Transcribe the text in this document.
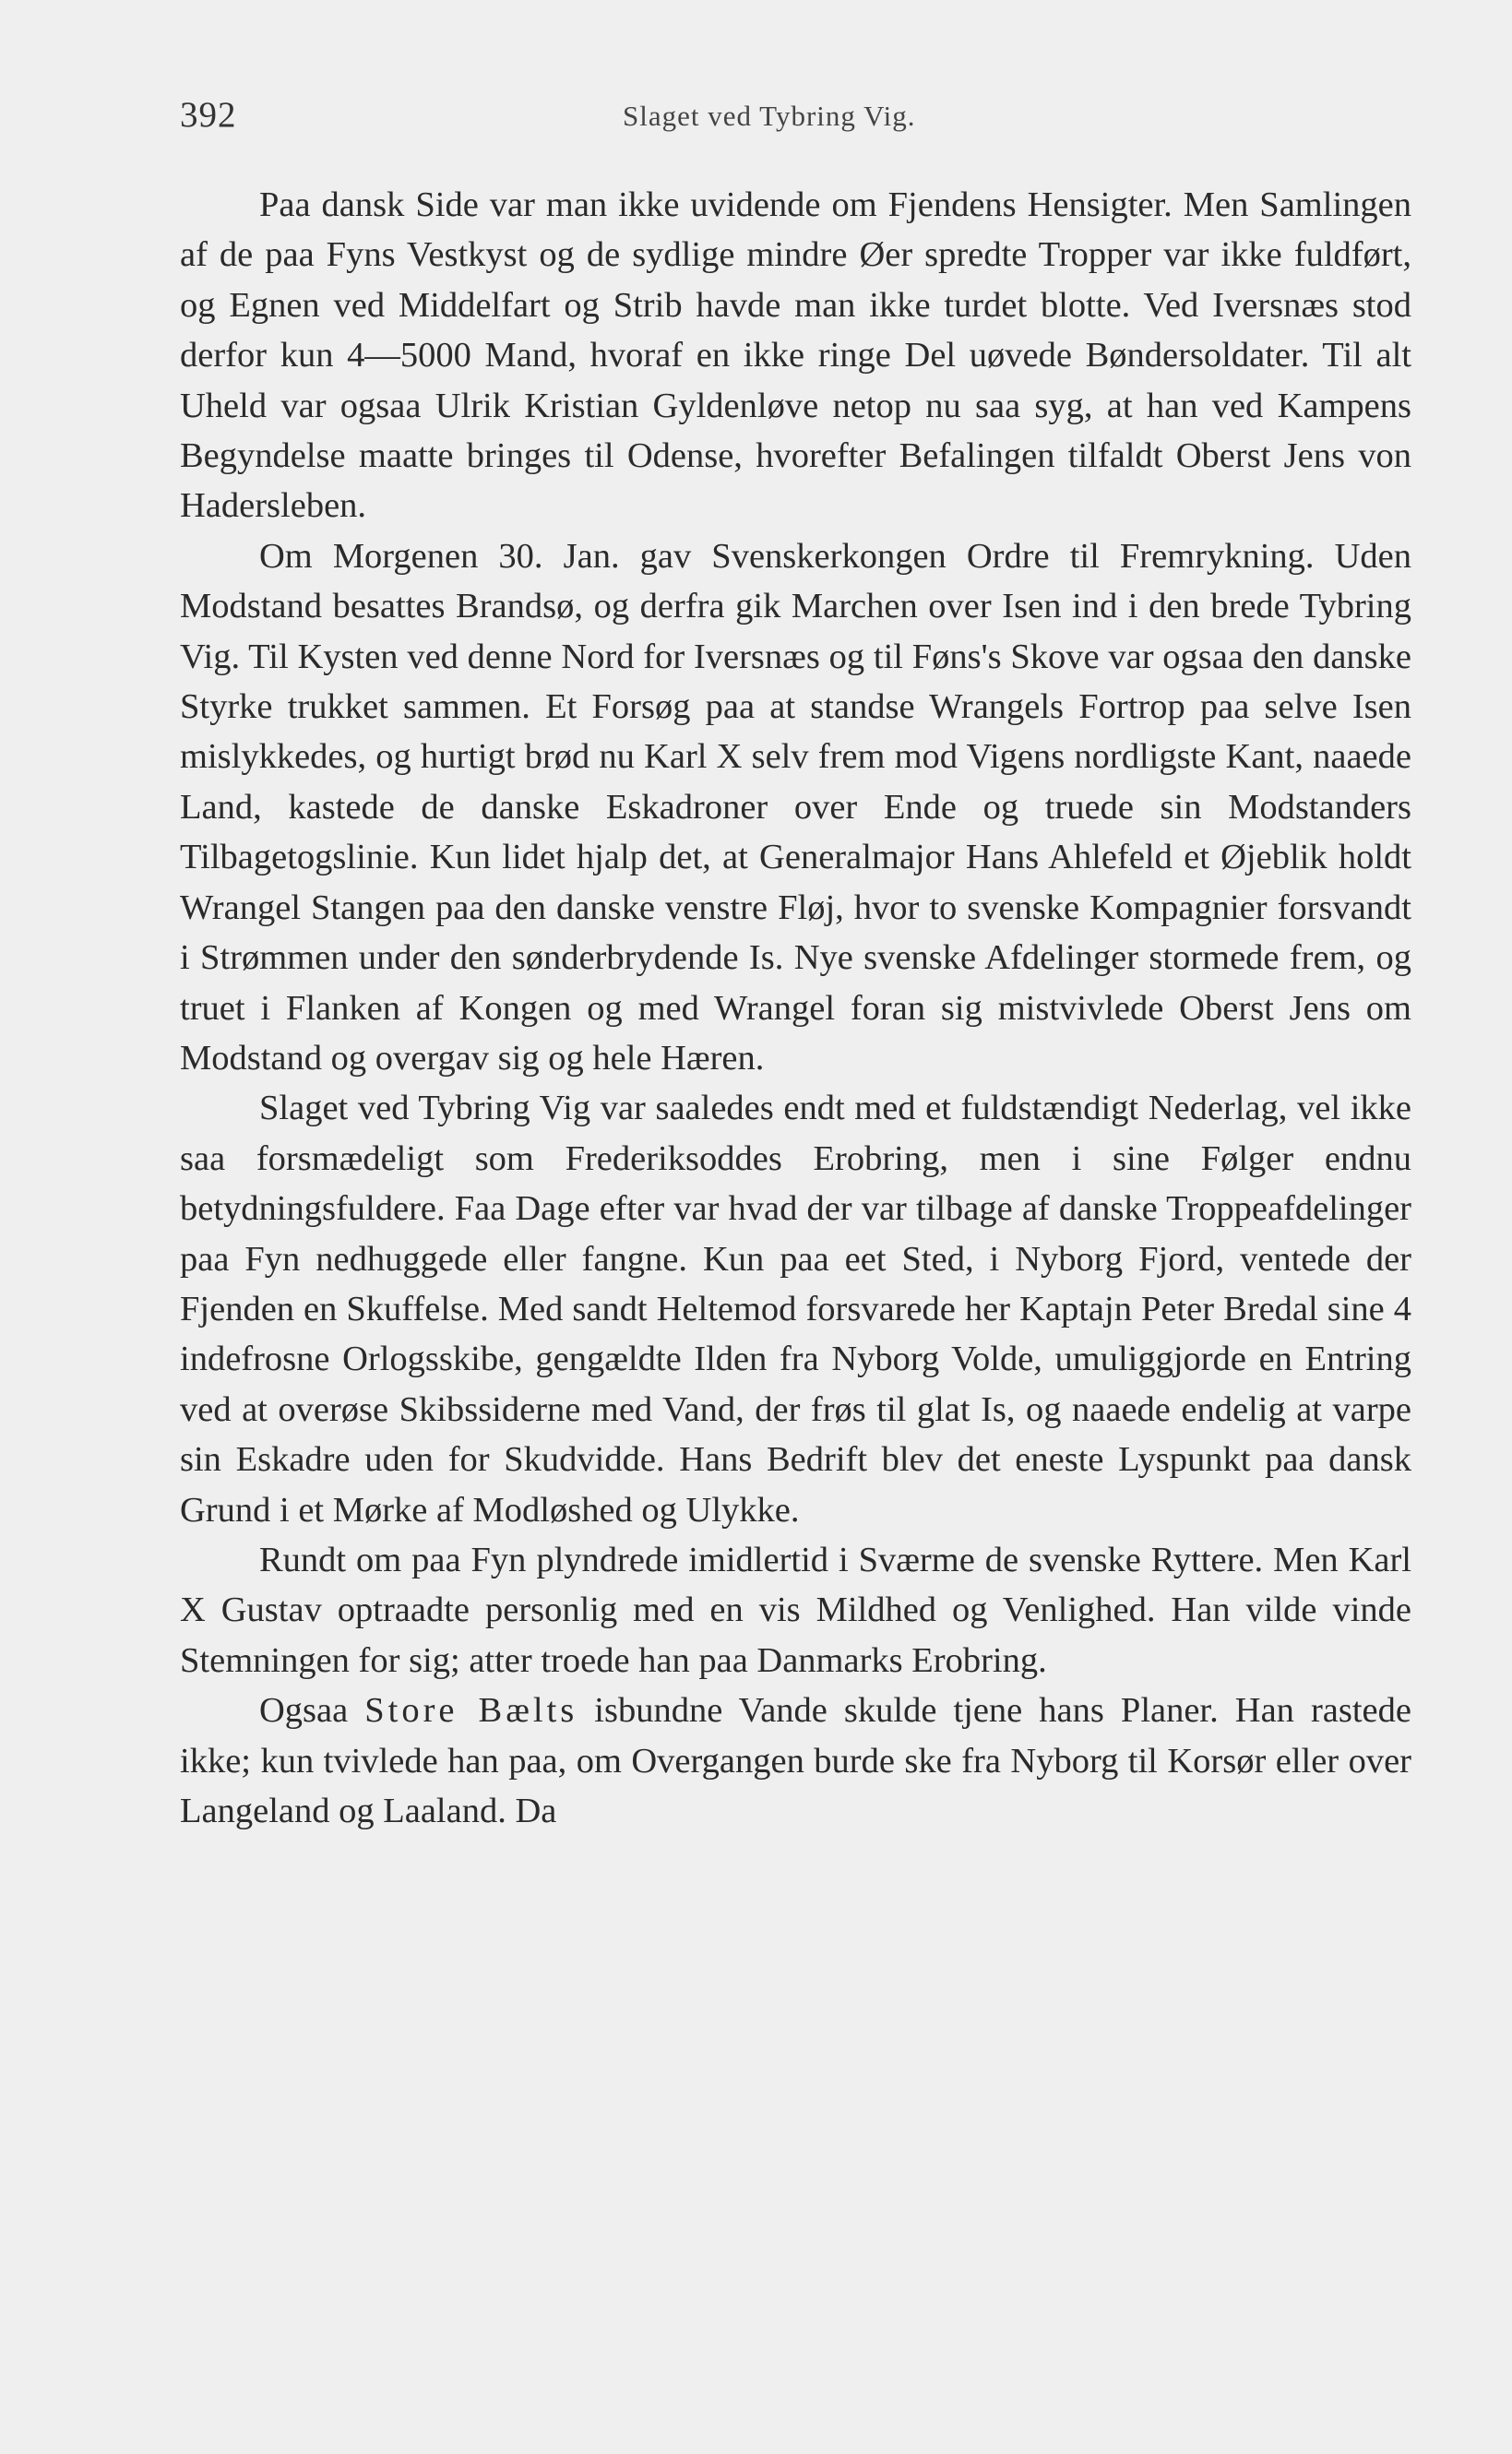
392	Slaget ved Tybring Vig.

Paa dansk Side var man ikke uvidende om Fjendens Hensigter. Men Samlingen af de paa Fyns Vestkyst og de sydlige mindre Øer spredte Tropper var ikke fuldført, og Egnen ved Middelfart og Strib havde man ikke turdet blotte. Ved Iversnæs stod derfor kun 4—5000 Mand, hvoraf en ikke ringe Del uøvede Bøndersoldater. Til alt Uheld var ogsaa Ulrik Kristian Gyldenløve netop nu saa syg, at han ved Kampens Begyndelse maatte bringes til Odense, hvorefter Befalingen tilfaldt Oberst Jens von Hadersleben.

Om Morgenen 30. Jan. gav Svenskerkongen Ordre til Fremrykning. Uden Modstand besattes Brandsø, og derfra gik Marchen over Isen ind i den brede Tybring Vig. Til Kysten ved denne Nord for Iversnæs og til Føns's Skove var ogsaa den danske Styrke trukket sammen. Et Forsøg paa at standse Wrangels Fortrop paa selve Isen mislykkedes, og hurtigt brød nu Karl X selv frem mod Vigens nordligste Kant, naaede Land, kastede de danske Eskadroner over Ende og truede sin Modstanders Tilbagetogslinie. Kun lidet hjalp det, at Generalmajor Hans Ahlefeld et Øjeblik holdt Wrangel Stangen paa den danske venstre Fløj, hvor to svenske Kompagnier forsvandt i Strømmen under den sønderbrydende Is. Nye svenske Afdelinger stormede frem, og truet i Flanken af Kongen og med Wrangel foran sig mistvivlede Oberst Jens om Modstand og overgav sig og hele Hæren.

Slaget ved Tybring Vig var saaledes endt med et fuldstændigt Nederlag, vel ikke saa forsmædeligt som Frederiksoddes Erobring, men i sine Følger endnu betydningsfuldere. Faa Dage efter var hvad der var tilbage af danske Troppeafdelinger paa Fyn nedhuggede eller fangne. Kun paa eet Sted, i Nyborg Fjord, ventede der Fjenden en Skuffelse. Med sandt Heltemod forsvarede her Kaptajn Peter Bredal sine 4 indefrosne Orlogsskibe, gengældte Ilden fra Nyborg Volde, umuliggjorde en Entring ved at overøse Skibssiderne med Vand, der frøs til glat Is, og naaede endelig at varpe sin Eskadre uden for Skudvidde. Hans Bedrift blev det eneste Lyspunkt paa dansk Grund i et Mørke af Modløshed og Ulykke.

Rundt om paa Fyn plyndrede imidlertid i Sværme de svenske Ryttere. Men Karl X Gustav optraadte personlig med en vis Mildhed og Venlighed. Han vilde vinde Stemningen for sig; atter troede han paa Danmarks Erobring.

Ogsaa Store Bælts isbundne Vande skulde tjene hans Planer. Han rastede ikke; kun tvivlede han paa, om Overgangen burde ske fra Nyborg til Korsør eller over Langeland og Laaland. Da
